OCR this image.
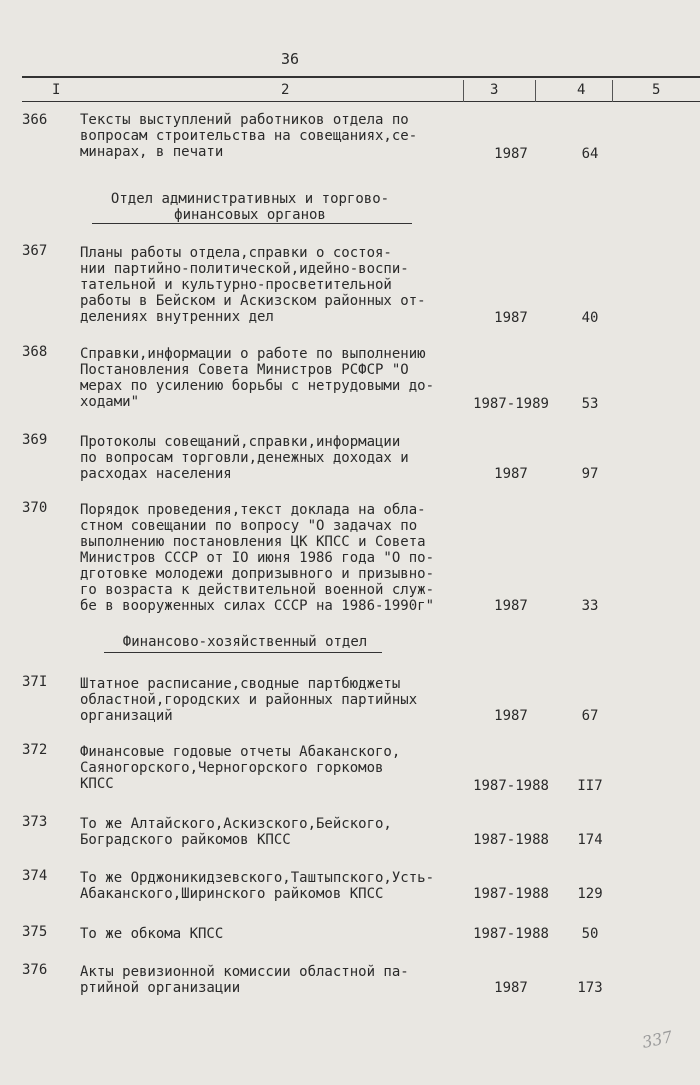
36
I	2	3	4	5
366 Тексты выступлений работников отдела по
вопросам строительства на совещаниях,се-
минарах, в печати	1987	64
Отдел административных и торгово-
финансовых органов
367 Планы работы отдела,справки о состоя-
нии партийно-политической,идейно-воспи-
тательной и культурно-просветительной
работы в Бейском и Аскизском районных от-
делениях внутренних дел	1987	40
368 Справки,информации о работе по выполнению
Постановления Совета Министров РСФСР "О
мерах по усилению борьбы с нетрудовыми до-
ходами"	1987-1989	53
369 Протоколы совещаний,справки,информации
по вопросам торговли,денежных доходах и
расходах населения	1987	97
370 Порядок проведения,текст доклада на обла-
стном совещании по вопросу "О задачах по
выполнению постановления ЦК КПСС и Совета
Министров СССР от IO июня 1986 года "О по-
дготовке молодежи допризывного и призывно-
го возраста к действительной военной служ-
бе в вооруженных силах СССР на 1986-1990г"	1987	33
Финансово-хозяйственный отдел
37I Штатное расписание,сводные партбюджеты
областной,городских и районных партийных
организаций	1987	67
372 Финансовые годовые отчеты Абаканского,
Саяногорского,Черногорского горкомов
КПСС	1987-1988	II7
373 То же Алтайского,Аскизского,Бейского,
Боградского райкомов КПСС	1987-1988	174
374 То же Орджоникидзевского,Таштыпского,Усть-
Абаканского,Ширинского райкомов КПСС	1987-1988	129
375 То же обкома КПСС	1987-1988	50
376 Акты ревизионной комиссии областной па-
ртийной организации	1987	173
337
